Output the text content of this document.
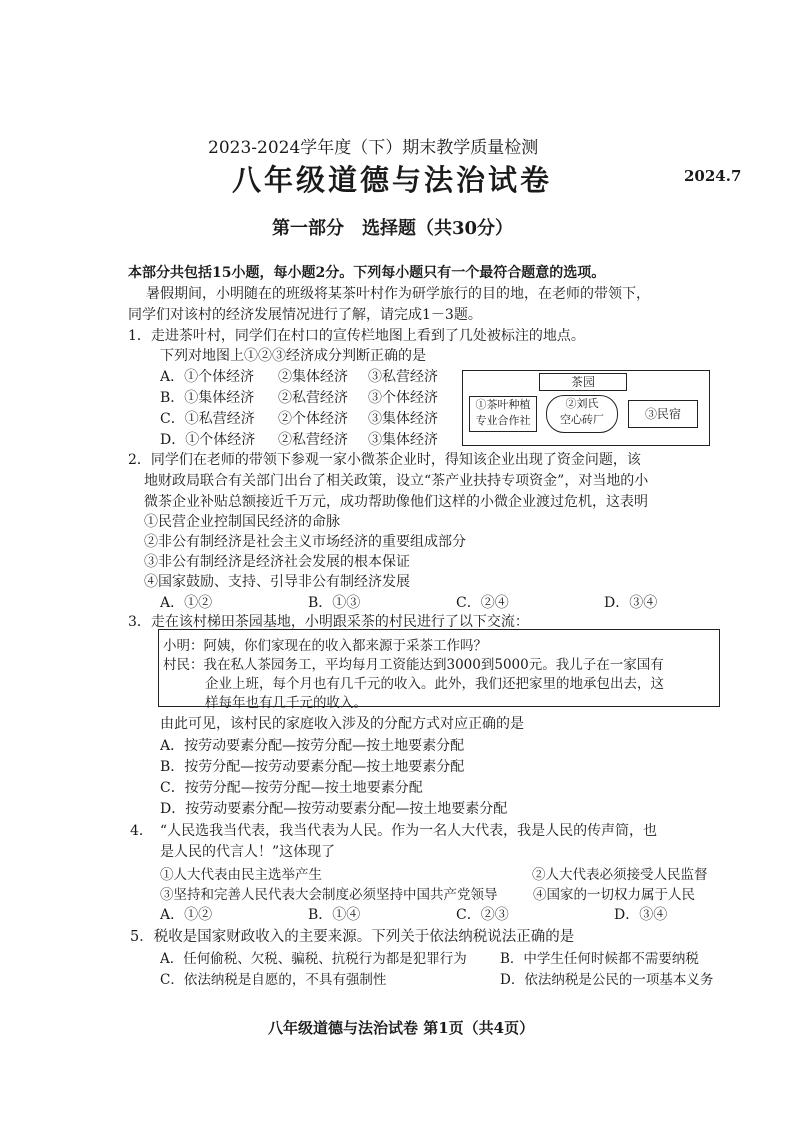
2023-2024学年度（下）期末教学质量检测
八年级道德与法治试卷	2024.7
第一部分　选择题（共30分）
本部分共包括15小题，每小题2分。下列每小题只有一个最符合题意的选项。
暑假期间，小明随在的班级将某茶叶村作为研学旅行的目的地，在老师的带领下，
同学们对该村的经济发展情况进行了解，请完成1－3题。
1．走进茶叶村，同学们在村口的宣传栏地图上看到了几处被标注的地点。
下列对地图上①②③经济成分判断正确的是
A．①个体经济 ②集体经济 ③私营经济
B．①集体经济 ②私营经济 ③个体经济
C．①私营经济 ②个体经济 ③集体经济
D．①个体经济 ②私营经济 ③集体经济
茶园
①茶叶种植
专业合作社
②刘氏
空心砖厂	③民宿
2．同学们在老师的带领下参观一家小微茶企业时，得知该企业出现了资金问题，该
地财政局联合有关部门出台了相关政策，设立“茶产业扶持专项资金”，对当地的小
微茶企业补贴总额接近千万元，成功帮助像他们这样的小微企业渡过危机，这表明
①民营企业控制国民经济的命脉
②非公有制经济是社会主义市场经济的重要组成部分
③非公有制经济是经济社会发展的根本保证
④国家鼓励、支持、引导非公有制经济发展
A．①②	B．①③	C．②④	D．③④
3．走在该村梯田茶园基地，小明跟采茶的村民进行了以下交流：
小明：阿姨，你们家现在的收入都来源于采茶工作吗？
村民：我在私人茶园务工，平均每月工资能达到3000到5000元。我儿子在一家国有
企业上班，每个月也有几千元的收入。此外，我们还把家里的地承包出去，这
样每年也有几千元的收入。
由此可见，该村民的家庭收入涉及的分配方式对应正确的是
A．按劳动要素分配—按劳分配—按土地要素分配
B．按劳分配—按劳动要素分配—按土地要素分配
C．按劳分配—按劳分配—按土地要素分配
D．按劳动要素分配—按劳动要素分配—按土地要素分配
4．　“人民选我当代表，我当代表为人民。作为一名人大代表，我是人民的传声筒，也
是人民的代言人！”这体现了
①人大代表由民主选举产生	②人大代表必须接受人民监督
③坚持和完善人民代表大会制度必须坚持中国共产党领导	④国家的一切权力属于人民
A．①②	B．①④	C．②③	D．③④
5．税收是国家财政收入的主要来源。下列关于依法纳税说法正确的是
A．任何偷税、欠税、骗税、抗税行为都是犯罪行为 B．中学生任何时候都不需要纳税
C．依法纳税是自愿的，不具有强制性	D．依法纳税是公民的一项基本义务
八年级道德与法治试卷 第1页（共4页）
